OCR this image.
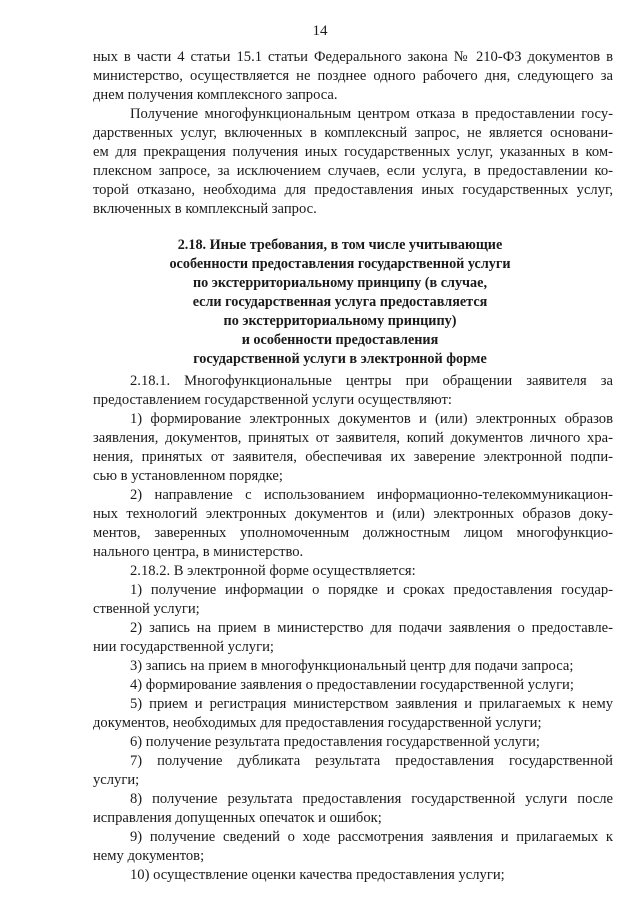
14
ных в части 4 статьи 15.1 статьи Федерального закона № 210-ФЗ документов в
министерство, осуществляется не позднее одного рабочего дня, следующего за
днем получения комплексного запроса.
Получение многофункциональным центром отказа в предоставлении госу-
дарственных услуг, включенных в комплексный запрос, не является основани-
ем для прекращения получения иных государственных услуг, указанных в ком-
плексном запросе, за исключением случаев, если услуга, в предоставлении ко-
торой отказано, необходима для предоставления иных государственных услуг,
включенных в комплексный запрос.
2.18. Иные требования, в том числе учитывающие
особенности предоставления государственной услуги
по экстерриториальному принципу (в случае,
если государственная услуга предоставляется
по экстерриториальному принципу)
и особенности предоставления
государственной услуги в электронной форме
2.18.1. Многофункциональные центры при обращении заявителя за
предоставлением государственной услуги осуществляют:
1) формирование электронных документов и (или) электронных образов
заявления, документов, принятых от заявителя, копий документов личного хра-
нения, принятых от заявителя, обеспечивая их заверение электронной подпи-
сью в установленном порядке;
2) направление с использованием информационно-телекоммуникацион-
ных технологий электронных документов и (или) электронных образов доку-
ментов, заверенных уполномоченным должностным лицом многофункцио-
нального центра, в министерство.
2.18.2. В электронной форме осуществляется:
1) получение информации о порядке и сроках предоставления государ-
ственной услуги;
2) запись на прием в министерство для подачи заявления о предоставле-
нии государственной услуги;
3) запись на прием в многофункциональный центр для подачи запроса;
4) формирование заявления о предоставлении государственной услуги;
5) прием и регистрация министерством заявления и прилагаемых к нему
документов, необходимых для предоставления государственной услуги;
6) получение результата предоставления государственной услуги;
7) получение дубликата результата предоставления государственной
услуги;
8) получение результата предоставления государственной услуги после
исправления допущенных опечаток и ошибок;
9) получение сведений о ходе рассмотрения заявления и прилагаемых к
нему документов;
10) осуществление оценки качества предоставления услуги;
